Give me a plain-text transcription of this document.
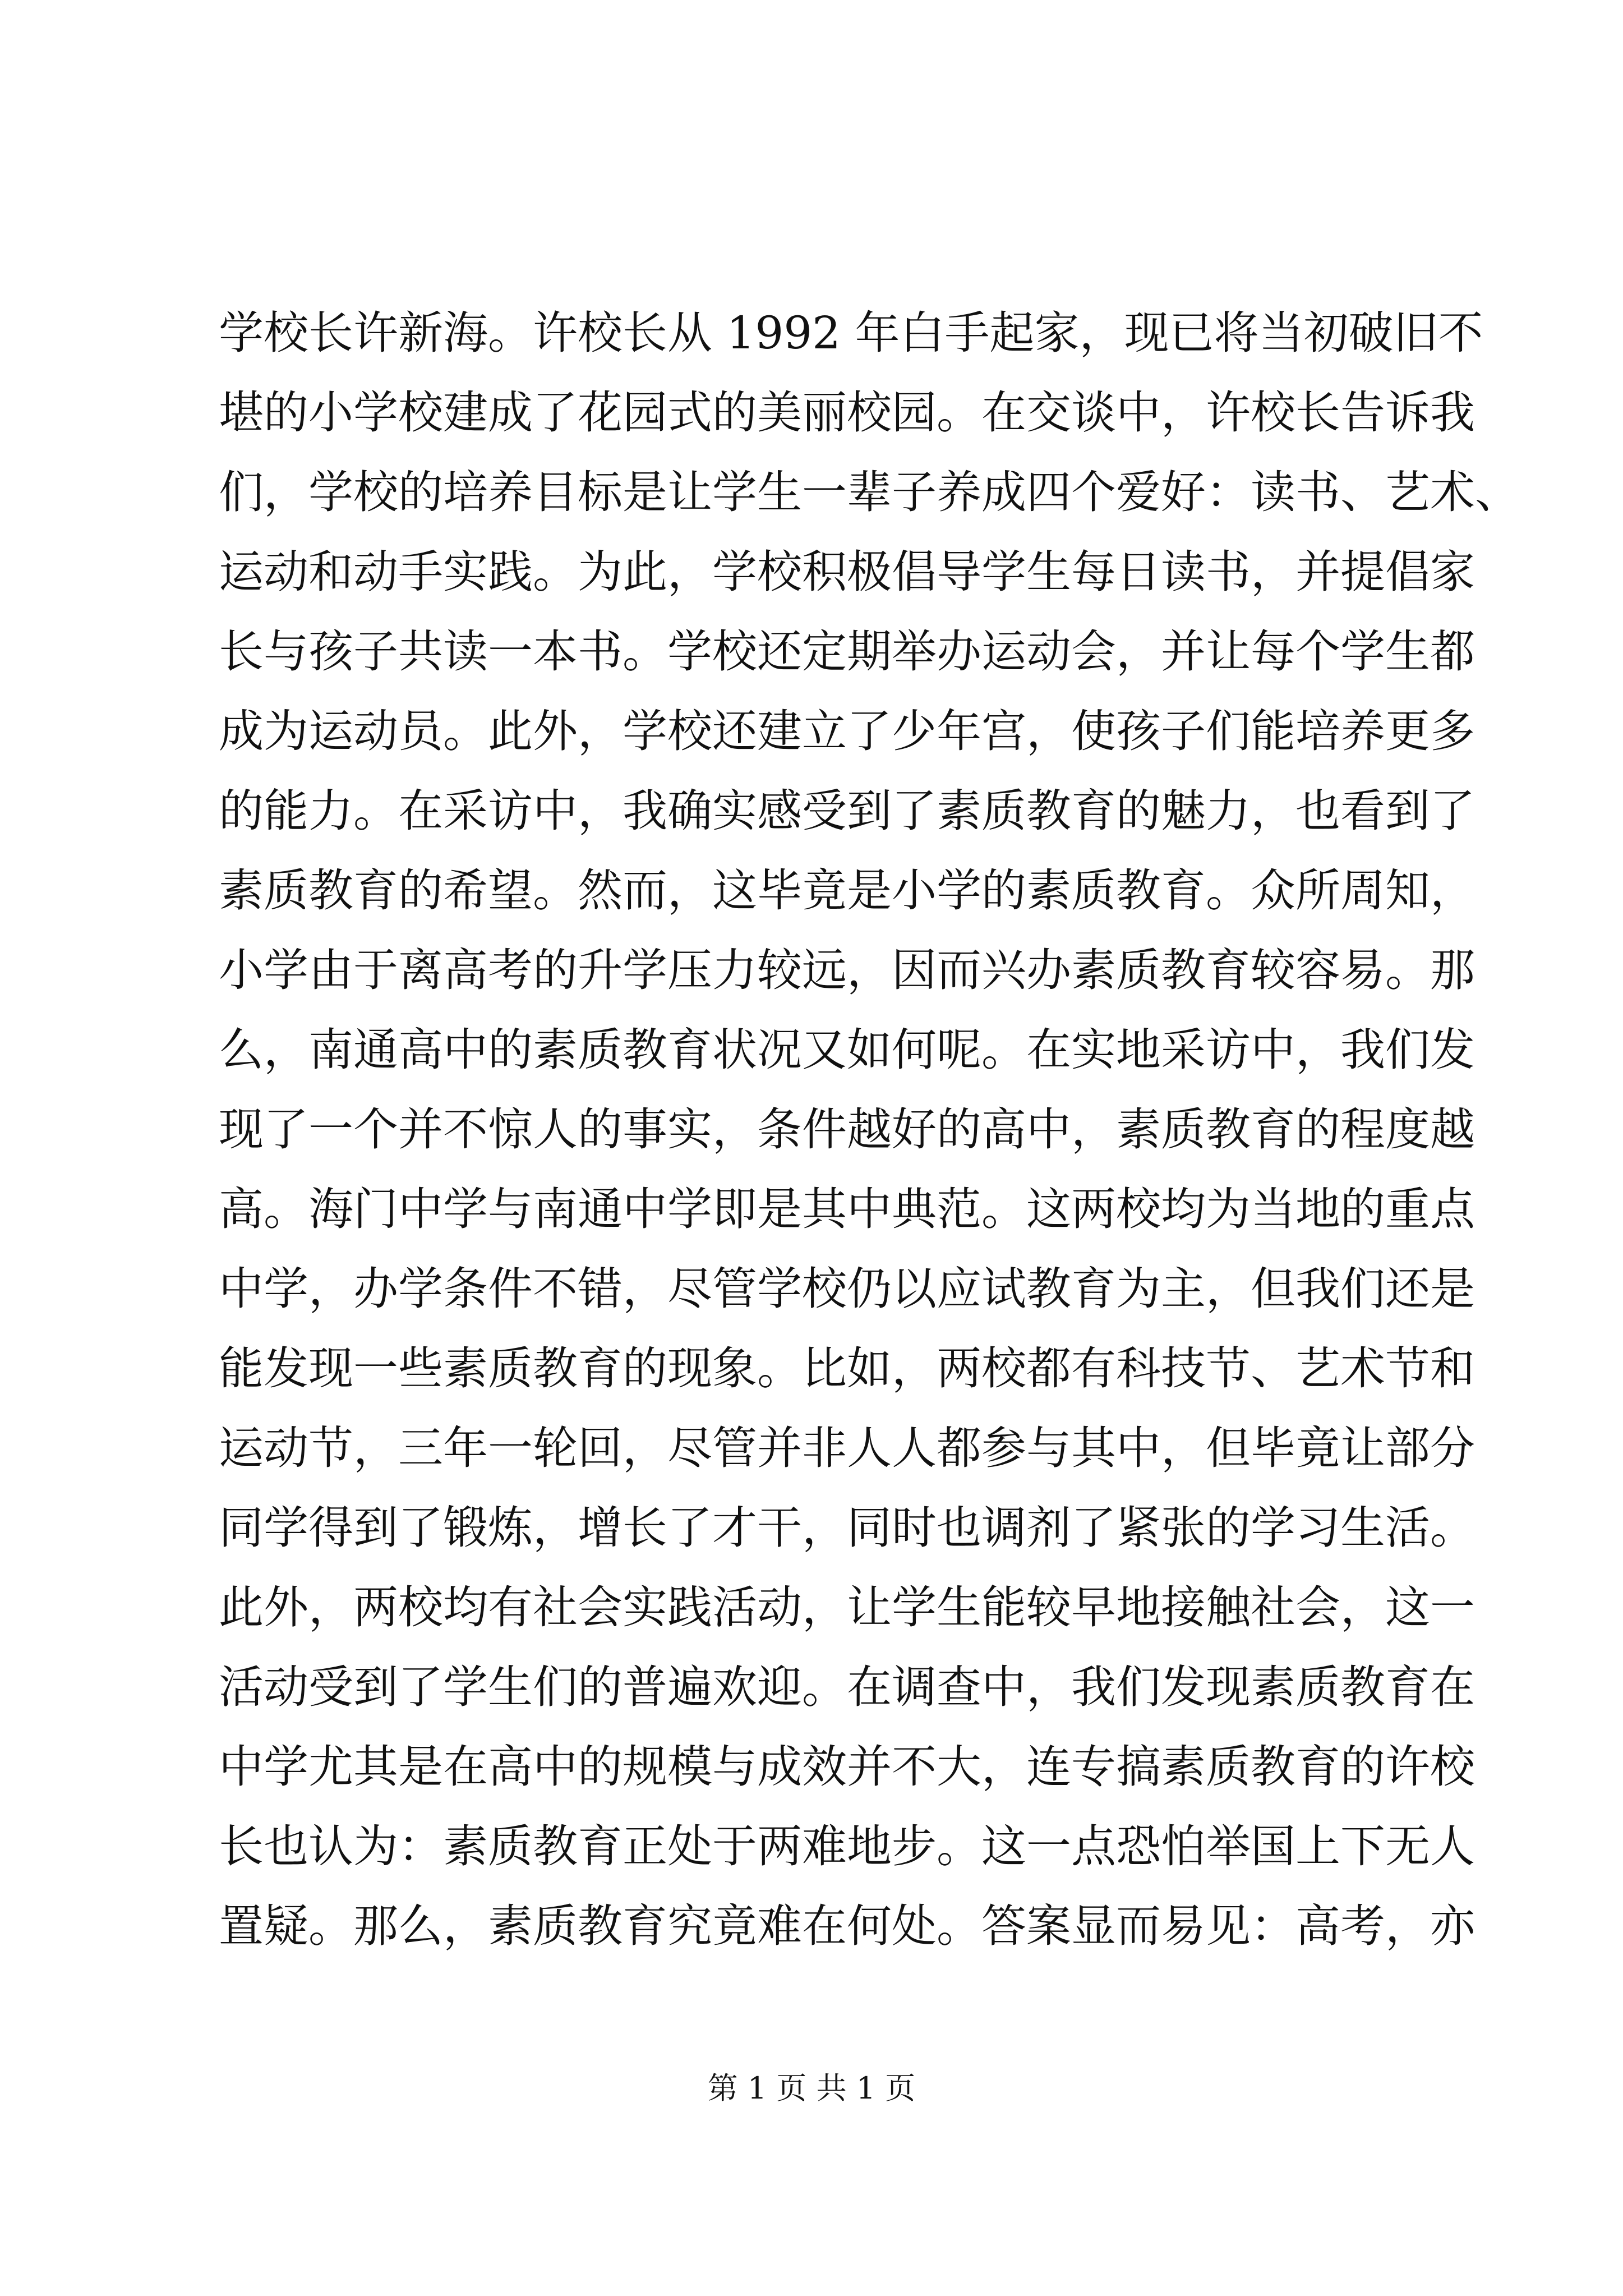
学校长许新海。许校长从 1992 年白手起家，现已将当初破旧不
堪的小学校建成了花园式的美丽校园。在交谈中，许校长告诉我
们，学校的培养目标是让学生一辈子养成四个爱好：读书、艺术、
运动和动手实践。为此，学校积极倡导学生每日读书，并提倡家
长与孩子共读一本书。学校还定期举办运动会，并让每个学生都
成为运动员。此外，学校还建立了少年宫，使孩子们能培养更多
的能力。在采访中，我确实感受到了素质教育的魅力，也看到了
素质教育的希望。然而，这毕竟是小学的素质教育。众所周知，
小学由于离高考的升学压力较远，因而兴办素质教育较容易。那
么，南通高中的素质教育状况又如何呢。在实地采访中，我们发
现了一个并不惊人的事实，条件越好的高中，素质教育的程度越
高。海门中学与南通中学即是其中典范。这两校均为当地的重点
中学，办学条件不错，尽管学校仍以应试教育为主，但我们还是
能发现一些素质教育的现象。比如，两校都有科技节、艺术节和
运动节，三年一轮回，尽管并非人人都参与其中，但毕竟让部分
同学得到了锻炼，增长了才干，同时也调剂了紧张的学习生活。
此外，两校均有社会实践活动，让学生能较早地接触社会，这一
活动受到了学生们的普遍欢迎。在调查中，我们发现素质教育在
中学尤其是在高中的规模与成效并不大，连专搞素质教育的许校
长也认为：素质教育正处于两难地步。这一点恐怕举国上下无人
置疑。那么，素质教育究竟难在何处。答案显而易见：高考，亦
第 1 页 共 1 页
